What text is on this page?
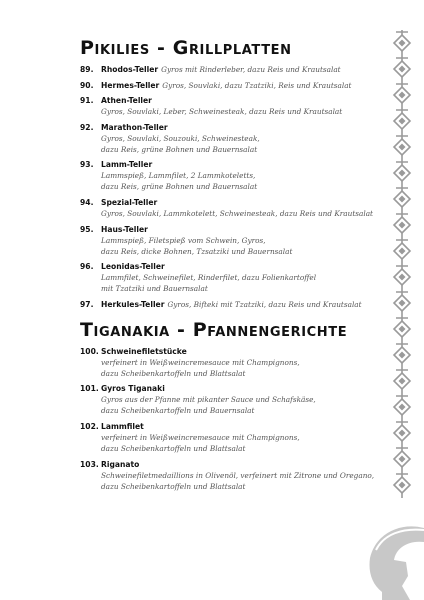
Pikilies - Grillplatten
89. Rhodos-Teller Gyros mit Rinderleber, dazu Reis und Krautsalat
90. Hermes-Teller Gyros, Souvlaki, dazu Tzatziki, Reis und Krautsalat
91. Athen-Teller
Gyros, Souvlaki, Leber, Schweinesteak, dazu Reis und Krautsalat
92. Marathon-Teller
Gyros, Souvlaki, Souzouki, Schweinesteak,
dazu Reis, grüne Bohnen und Bauernsalat
93. Lamm-Teller
Lammspieß, Lammfilet, 2 Lammkoteletts,
dazu Reis, grüne Bohnen und Bauernsalat
94. Spezial-Teller
Gyros, Souvlaki, Lammkotelett, Schweinesteak, dazu Reis und Krautsalat
95. Haus-Teller
Lammspieß, Filetspieß vom Schwein, Gyros,
dazu Reis, dicke Bohnen, Tzsatziki und Bauernsalat
96. Leonidas-Teller
Lammfilet, Schweinefilet, Rinderfilet, dazu Folienkartoffel
mit Tzatziki und Bauernsalat
97. Herkules-Teller Gyros, Bifteki mit Tzatziki, dazu Reis und Krautsalat
Tiganakia - Pfannengerichte
100. Schweinefiletstücke
verfeinert in Weißweincremesauce mit Champignons,
dazu Scheibenkartoffeln und Blattsalat
101. Gyros Tiganaki
Gyros aus der Pfanne mit pikanter Sauce und Schafskäse,
dazu Scheibenkartoffeln und Bauernsalat
102. Lammfilet
verfeinert in Weißweincremesauce mit Champignons,
dazu Scheibenkartoffeln und Blattsalat
103. Riganato
Schweinefiletmedaillions in Olivenöl, verfeinert mit Zitrone und Oregano,
dazu Scheibenkartoffeln und Blattsalat
